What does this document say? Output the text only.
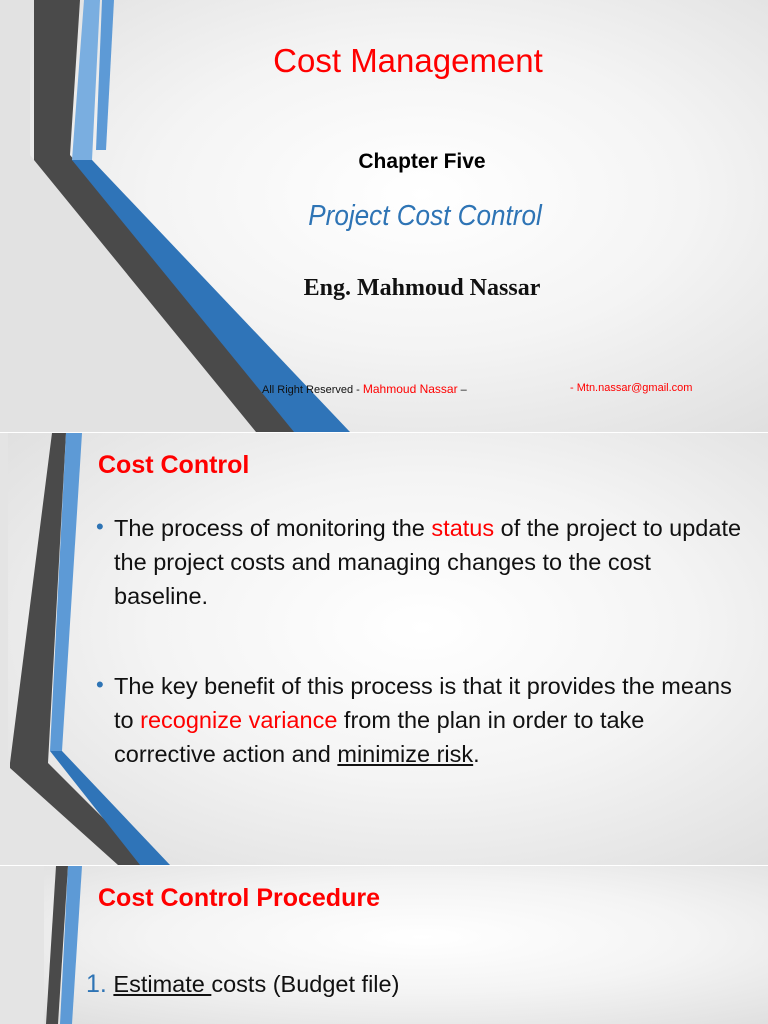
Cost Management
Chapter Five
Project Cost Control
Eng. Mahmoud Nassar
All Right Reserved - Mahmoud Nassar –	- Mtn.nassar@gmail.com
Cost Control
• The process of monitoring the status of the project to update the project costs and managing changes to the cost baseline.
• The key benefit of this process is that it provides the means to recognize variance from the plan in order to take corrective action and minimize risk.
Cost Control Procedure
1. Estimate costs (Budget file)
